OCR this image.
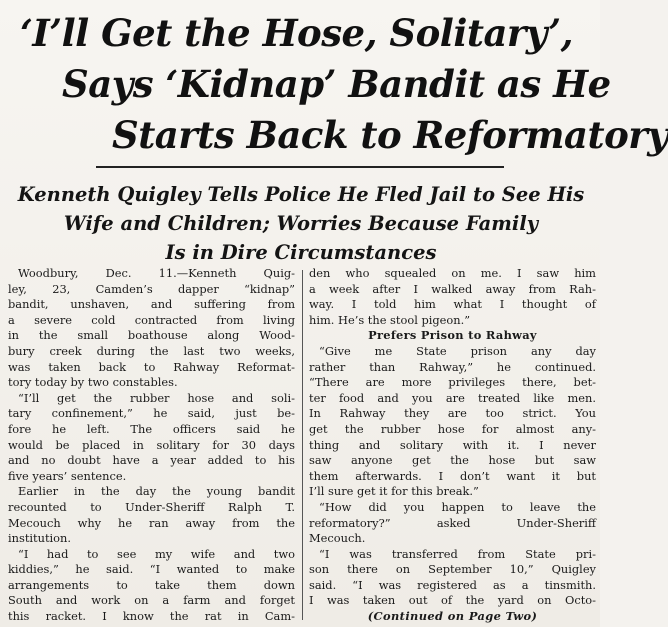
‘I’ll Get the Hose, Solitary’,
Says ‘Kidnap’ Bandit as He
Starts Back to Reformatory
Kenneth Quigley Tells Police He Fled Jail to See His
Wife and Children; Worries Because Family
Is in Dire Circumstances
Woodbury, Dec. 11.—Kenneth Quig-
ley, 23, Camden’s dapper “kidnap”
bandit, unshaven, and suffering from
a severe cold contracted from living
in the small boathouse along Wood-
bury creek during the last two weeks,
was taken back to Rahway Reformat-
tory today by two constables.
“I’ll get the rubber hose and soli-
tary confinement,” he said, just be-
fore he left. The officers said he
would be placed in solitary for 30 days
and no doubt have a year added to his
five years’ sentence.
Earlier in the day the young bandit
recounted to Under-Sheriff Ralph T.
Mecouch why he ran away from the
institution.
“I had to see my wife and two
kiddies,” he said. “I wanted to make
arrangements to take them down
South and work on a farm and forget
this racket. I know the rat in Cam-
den who squealed on me. I saw him
a week after I walked away from Rah-
way. I told him what I thought of
him. He’s the stool pigeon.”
Prefers Prison to Rahway
“Give me State prison any day
rather than Rahway,” he continued.
“There are more privileges there, bet-
ter food and you are treated like men.
In Rahway they are too strict. You
get the rubber hose for almost any-
thing and solitary with it. I never
saw anyone get the hose but saw
them afterwards. I don’t want it but
I’ll sure get it for this break.”
“How did you happen to leave the
reformatory?” asked Under-Sheriff
Mecouch.
“I was transferred from State pri-
son there on September 10,” Quigley
said. “I was registered as a tinsmith.
I was taken out of the yard on Octo-
(Continued on Page Two)
